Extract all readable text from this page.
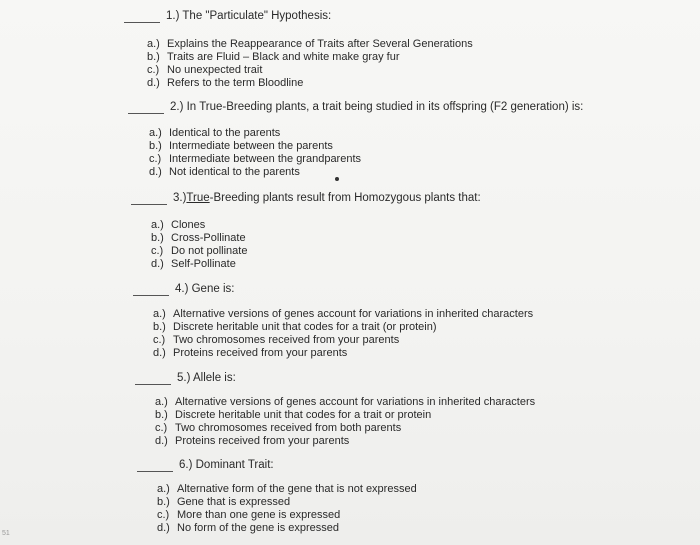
1.) The "Particulate" Hypothesis:
a.) Explains the Reappearance of Traits after Several Generations
b.) Traits are Fluid – Black and white make gray fur
c.) No unexpected trait
d.) Refers to the term Bloodline
2.) In True-Breeding plants, a trait being studied in its offspring (F2 generation) is:
a.) Identical to the parents
b.) Intermediate between the parents
c.) Intermediate between the grandparents
d.) Not identical to the parents
3.)True-Breeding plants result from Homozygous plants that:
a.) Clones
b.) Cross-Pollinate
c.) Do not pollinate
d.) Self-Pollinate
4.) Gene is:
a.) Alternative versions of genes account for variations in inherited characters
b.) Discrete heritable unit that codes for a trait (or protein)
c.) Two chromosomes received from your parents
d.) Proteins received from your parents
5.) Allele is:
a.) Alternative versions of genes account for variations in inherited characters
b.) Discrete heritable unit that codes for a trait or protein
c.) Two chromosomes received from both parents
d.) Proteins received from your parents
6.) Dominant Trait:
a.) Alternative form of the gene that is not expressed
b.) Gene that is expressed
c.) More than one gene is expressed
d.) No form of the gene is expressed
51
